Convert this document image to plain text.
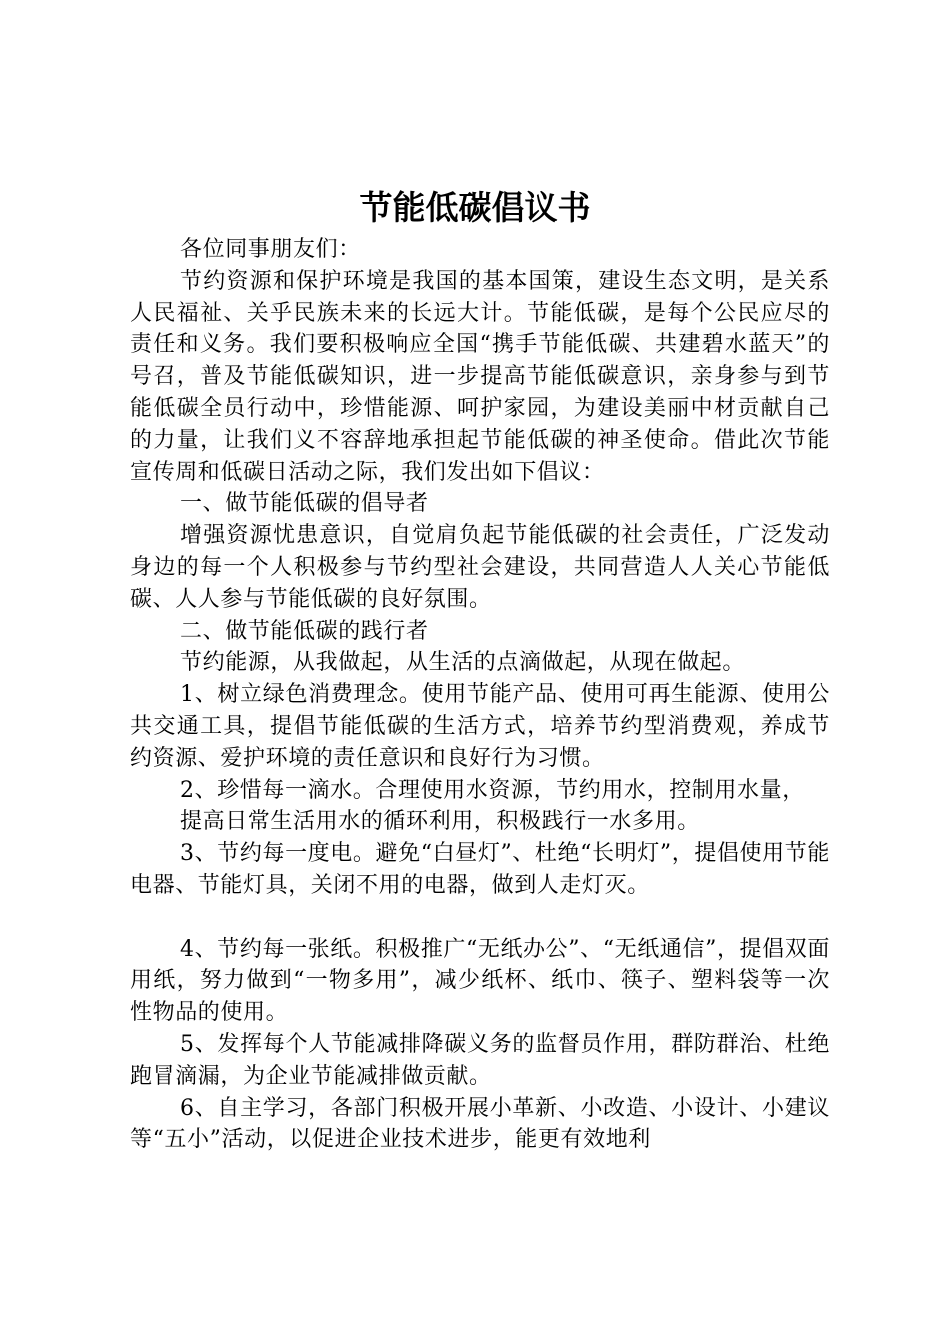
节能低碳倡议书

各位同事朋友们：

节约资源和保护环境是我国的基本国策，建设生态文明，是关系人民福祉、关乎民族未来的长远大计。节能低碳，是每个公民应尽的责任和义务。我们要积极响应全国“携手节能低碳、共建碧水蓝天”的号召，普及节能低碳知识，进一步提高节能低碳意识，亲身参与到节能低碳全员行动中，珍惜能源、呵护家园，为建设美丽中材贡献自己的力量，让我们义不容辞地承担起节能低碳的神圣使命。借此次节能宣传周和低碳日活动之际，我们发出如下倡议：

一、做节能低碳的倡导者

增强资源忧患意识，自觉肩负起节能低碳的社会责任，广泛发动身边的每一个人积极参与节约型社会建设，共同营造人人关心节能低碳、人人参与节能低碳的良好氛围。

二、做节能低碳的践行者

节约能源，从我做起，从生活的点滴做起，从现在做起。

1、树立绿色消费理念。使用节能产品、使用可再生能源、使用公共交通工具，提倡节能低碳的生活方式，培养节约型消费观，养成节约资源、爱护环境的责任意识和良好行为习惯。

2、珍惜每一滴水。合理使用水资源，节约用水，控制用水量，

提高日常生活用水的循环利用，积极践行一水多用。

3、节约每一度电。避免“白昼灯”、杜绝“长明灯”，提倡使用节能电器、节能灯具，关闭不用的电器，做到人走灯灭。

4、节约每一张纸。积极推广“无纸办公”、“无纸通信”，提倡双面用纸，努力做到“一物多用”，减少纸杯、纸巾、筷子、塑料袋等一次性物品的使用。

5、发挥每个人节能减排降碳义务的监督员作用，群防群治、杜绝跑冒滴漏，为企业节能减排做贡献。

6、自主学习，各部门积极开展小革新、小改造、小设计、小建议等“五小”活动，以促进企业技术进步，能更有效地利
